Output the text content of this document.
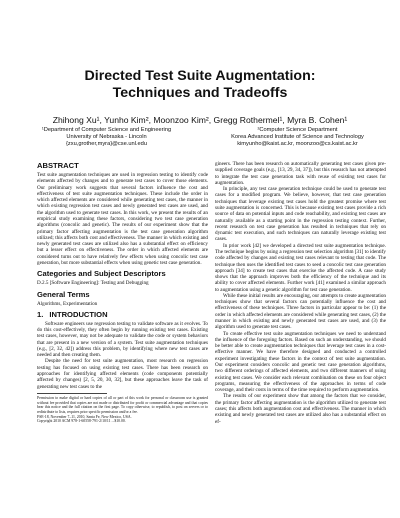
Directed Test Suite Augmentation:
Techniques and Tradeoffs
Zhihong Xu¹, Yunho Kim², Moonzoo Kim², Gregg Rothermel¹, Myra B. Cohen¹
¹Department of Computer Science and Engineering
University of Nebraska - Lincoln
{zxu,grother,myra}@cse.unl.edu
²Computer Science Department
Korea Advanced Institute of Science and Technology
kimyunho@kaist.ac.kr, moonzoo@cs.kaist.ac.kr
ABSTRACT

Test suite augmentation techniques are used in regression testing to identify code elements affected by changes and to generate test cases to cover those elements. Our preliminary work suggests that several factors influence the cost and effectiveness of test suite augmentation techniques. These include the order in which affected elements are considered while generating test cases, the manner in which existing regression test cases and newly generated test cases are used, and the algorithm used to generate test cases. In this work, we present the results of an empirical study examining these factors, considering two test case generation algorithms (concolic and genetic). The results of our experiment show that the primary factor affecting augmentation is the test case generation algorithm utilized; this affects both cost and effectiveness. The manner in which existing and newly generated test cases are utilized also has a substantial effect on efficiency but a lesser effect on effectiveness. The order in which affected elements are considered turns out to have relatively few effects when using concolic test case generation, but more substantial effects when using genetic test case generation.

Categories and Subject Descriptors

D.2.5 [Software Engineering]: Testing and Debugging

General Terms

Algorithms, Experimentation

1. INTRODUCTION

Software engineers use regression testing to validate software as it evolves. To do this cost-effectively, they often begin by running existing test cases. Existing test cases, however, may not be adequate to validate the code or system behaviors that are present in a new version of a system. Test suite augmentation techniques (e.g., [2, 32, 42]) address this problem, by identifying where new test cases are needed and then creating them.

Despite the need for test suite augmentation, most research on regression testing has focused on using existing test cases. There has been research on approaches for identifying affected elements (code components potentially affected by changes) [2, 5, 20, 30, 32], but these approaches leave the task of generating new test cases to the

Permission to make digital or hard copies of all or part of this work for personal or classroom use is granted without fee provided that copies are not made or distributed for profit or commercial advantage and that copies bear this notice and the full citation on the first page. To copy otherwise, to republish, to post on servers or to redistribute to lists, requires prior specific permission and/or a fee.

FSE-18, November 7–11, 2010, Santa Fe, New Mexico, USA.

Copyright 2010 ACM 978-1-60558-791-2/10/11 ...$10.00.

gineers. There has been research on automatically generating test cases given pre-supplied coverage goals (e.g., [13, 29, 34, 37]), but this research has not attempted to integrate the test case generation task with reuse of existing test cases for augmentation.

In principle, any test case generation technique could be used to generate test cases for a modified program. We believe, however, that test case generation techniques that leverage existing test cases hold the greatest promise where test suite augmentation is concerned. This is because existing test cases provide a rich source of data on potential inputs and code reachability, and existing test cases are naturally available as a starting point in the regression testing context. Further, recent research on test case generation has resulted in techniques that rely on dynamic test execution, and such techniques can naturally leverage existing test cases.

In prior work [42] we developed a directed test suite augmentation technique. The technique begins by using a regression test selection algorithm [31] to identify code affected by changes and existing test cases relevant to testing that code. The technique then uses the identified test cases to seed a concolic test case generation approach [34] to create test cases that exercise the affected code. A case study shows that the approach improves both the efficiency of the technique and its ability to cover affected elements. Further work [41] examined a similar approach to augmentation using a genetic algorithm for test case generation.

While these initial results are encouraging, our attempts to create augmentation techniques show that several factors can potentially influence the cost and effectiveness of these techniques. Three factors in particular appear to be: (1) the order in which affected elements are considered while generating test cases, (2) the manner in which existing and newly generated test cases are used, and (3) the algorithm used to generate test cases.

To create effective test suite augmentation techniques we need to understand the influence of the foregoing factors. Based on such an understanding, we should be better able to create augmentation techniques that leverage test cases in a cost-effective manner. We have therefore designed and conducted a controlled experiment investigating these factors in the context of test suite augmentation. Our experiment considers concolic and genetic test case generation algorithms, two different orderings of affected elements, and two different manners of using existing test cases. We consider each relevant combination on these on four object programs, measuring the effectiveness of the approaches in terms of code coverage, and their costs in terms of the time required to perform augmentation.

The results of our experiment show that among the factors that we consider, the primary factor affecting augmentation is the algorithm utilized to generate test cases; this affects both augmentation cost and effectiveness. The manner in which existing and newly generated test cases are utilized also has a substantial effect on ef-
